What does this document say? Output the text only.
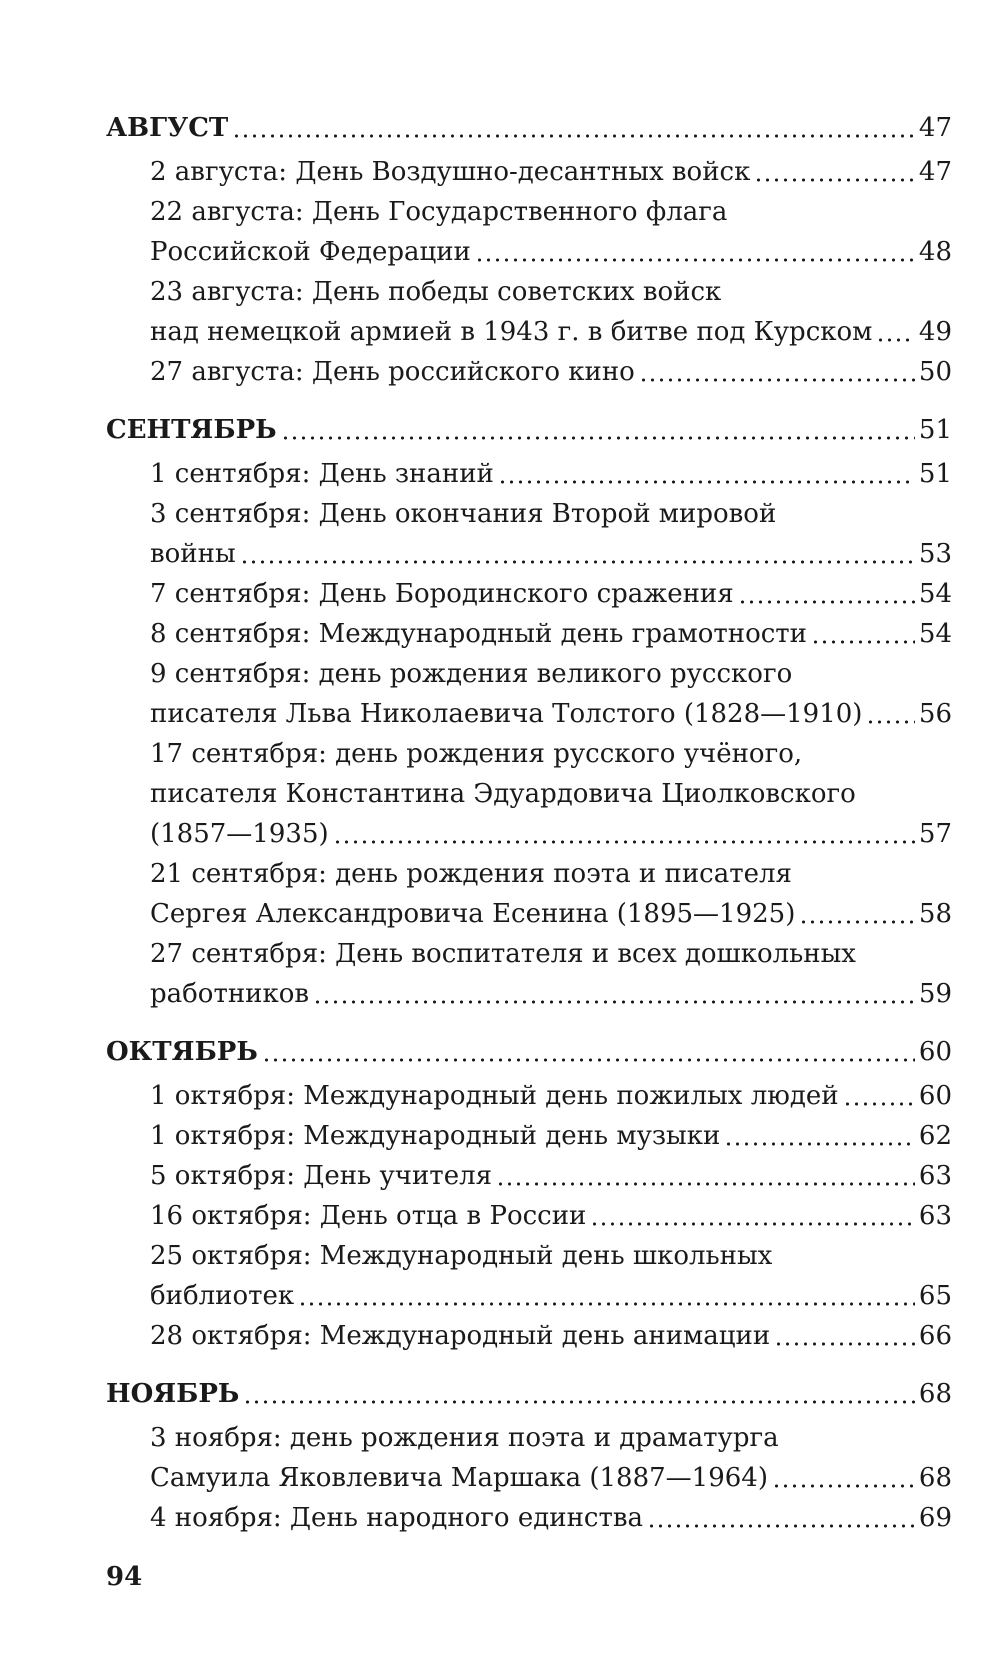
АВГУСТ	47
2 августа: День Воздушно-десантных войск	47
22 августа: День Государственного флага
Российской Федерации	48
23 августа: День победы советских войск
над немецкой армией в 1943 г. в битве под Курском 49
27 августа: День российского кино	50
СЕНТЯБРЬ	51
1 сентября: День знаний	51
3 сентября: День окончания Второй мировой
войны	53
7 сентября: День Бородинского сражения	54
8 сентября: Международный день грамотности	54
9 сентября: день рождения великого русского
писателя Льва Николаевича Толстого (1828—1910) 56
17 сентября: день рождения русского учёного,
писателя Константина Эдуардовича Циолковского
(1857—1935)	57
21 сентября: день рождения поэта и писателя
Сергея Александровича Есенина (1895—1925)	58
27 сентября: День воспитателя и всех дошкольных
работников	59
ОКТЯБРЬ	60
1 октября: Международный день пожилых людей	60
1 октября: Международный день музыки	62
5 октября: День учителя	63
16 октября: День отца в России	63
25 октября: Международный день школьных
библиотек	65
28 октября: Международный день анимации	66
НОЯБРЬ	68
3 ноября: день рождения поэта и драматурга
Самуила Яковлевича Маршака (1887—1964)	68
4 ноября: День народного единства	69
94
